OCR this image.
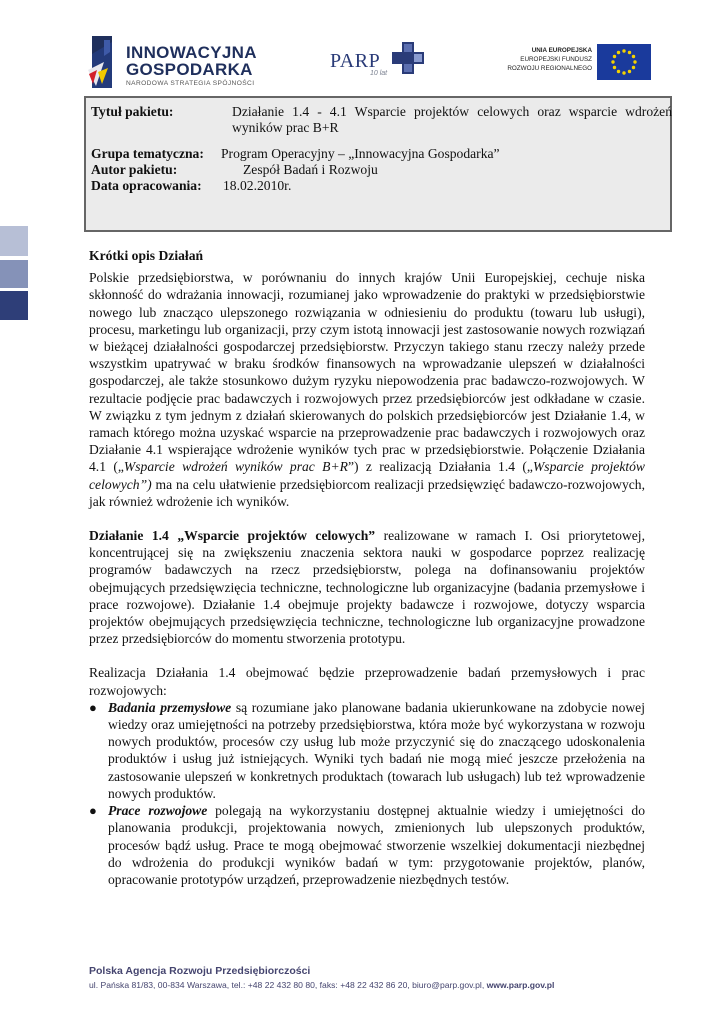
INNOWACYJNA
GOSPODARKA
NARODOWA STRATEGIA SPÓJNOŚCI
PARP
10 lat
UNIA EUROPEJSKA
EUROPEJSKI FUNDUSZ
ROZWOJU REGIONALNEGO
Tytuł pakietu:	Działanie 1.4 - 4.1 Wsparcie projektów celowych oraz wsparcie wdrożeń wyników prac B+R
Grupa tematyczna: Program Operacyjny – „Innowacyjna Gospodarka”
Autor pakietu:	Zespół Badań i Rozwoju
Data opracowania: 18.02.2010r.
Krótki opis Działań

Polskie przedsiębiorstwa, w porównaniu do innych krajów Unii Europejskiej, cechuje niska skłonność do wdrażania innowacji, rozumianej jako wprowadzenie do praktyki w przedsiębiorstwie nowego lub znacząco ulepszonego rozwiązania w odniesieniu do produktu (towaru lub usługi), procesu, marketingu lub organizacji, przy czym istotą innowacji jest zastosowanie nowych rozwiązań w bieżącej działalności gospodarczej przedsiębiorstw. Przyczyn takiego stanu rzeczy należy przede wszystkim upatrywać w braku środków finansowych na wprowadzanie ulepszeń w działalności gospodarczej, ale także stosunkowo dużym ryzyku niepowodzenia prac badawczo-rozwojowych. W rezultacie podjęcie prac badawczych i rozwojowych przez przedsiębiorców jest odkładane w czasie. W związku z tym jednym z działań skierowanych do polskich przedsiębiorców jest Działanie 1.4, w ramach którego można uzyskać wsparcie na przeprowadzenie prac badawczych i rozwojowych oraz Działanie 4.1 wspierające wdrożenie wyników tych prac w przedsiębiorstwie. Połączenie Działania 4.1 („Wsparcie wdrożeń wyników prac B+R”) z realizacją Działania 1.4 („Wsparcie projektów celowych”) ma na celu ułatwienie przedsiębiorcom realizacji przedsięwzięć badawczo-rozwojowych, jak również wdrożenie ich wyników.

Działanie 1.4 „Wsparcie projektów celowych” realizowane w ramach I. Osi priorytetowej, koncentrującej się na zwiększeniu znaczenia sektora nauki w gospodarce poprzez realizację programów badawczych na rzecz przedsiębiorstw, polega na dofinansowaniu projektów obejmujących przedsięwzięcia techniczne, technologiczne lub organizacyjne (badania przemysłowe i prace rozwojowe). Działanie 1.4 obejmuje projekty badawcze i rozwojowe, dotyczy wsparcia projektów obejmujących przedsięwzięcia techniczne, technologiczne lub organizacyjne prowadzone przez przedsiębiorców do momentu stworzenia prototypu.

Realizacja Działania 1.4 obejmować będzie przeprowadzenie badań przemysłowych i prac rozwojowych:

● Badania przemysłowe są rozumiane jako planowane badania ukierunkowane na zdobycie nowej wiedzy oraz umiejętności na potrzeby przedsiębiorstwa, która może być wykorzystana w rozwoju nowych produktów, procesów czy usług lub może przyczynić się do znaczącego udoskonalenia produktów i usług już istniejących. Wyniki tych badań nie mogą mieć jeszcze przełożenia na zastosowanie ulepszeń w konkretnych produktach (towarach lub usługach) lub też wprowadzenie nowych produktów.
● Prace rozwojowe polegają na wykorzystaniu dostępnej aktualnie wiedzy i umiejętności do planowania produkcji, projektowania nowych, zmienionych lub ulepszonych produktów, procesów bądź usług. Prace te mogą obejmować stworzenie wszelkiej dokumentacji niezbędnej do wdrożenia do produkcji wyników badań w tym: przygotowanie projektów, planów, opracowanie prototypów urządzeń, przeprowadzenie niezbędnych testów.
Polska Agencja Rozwoju Przedsiębiorczości
ul. Pańska 81/83, 00-834 Warszawa, tel.: +48 22 432 80 80, faks: +48 22 432 86 20, biuro@parp.gov.pl, www.parp.gov.pl
